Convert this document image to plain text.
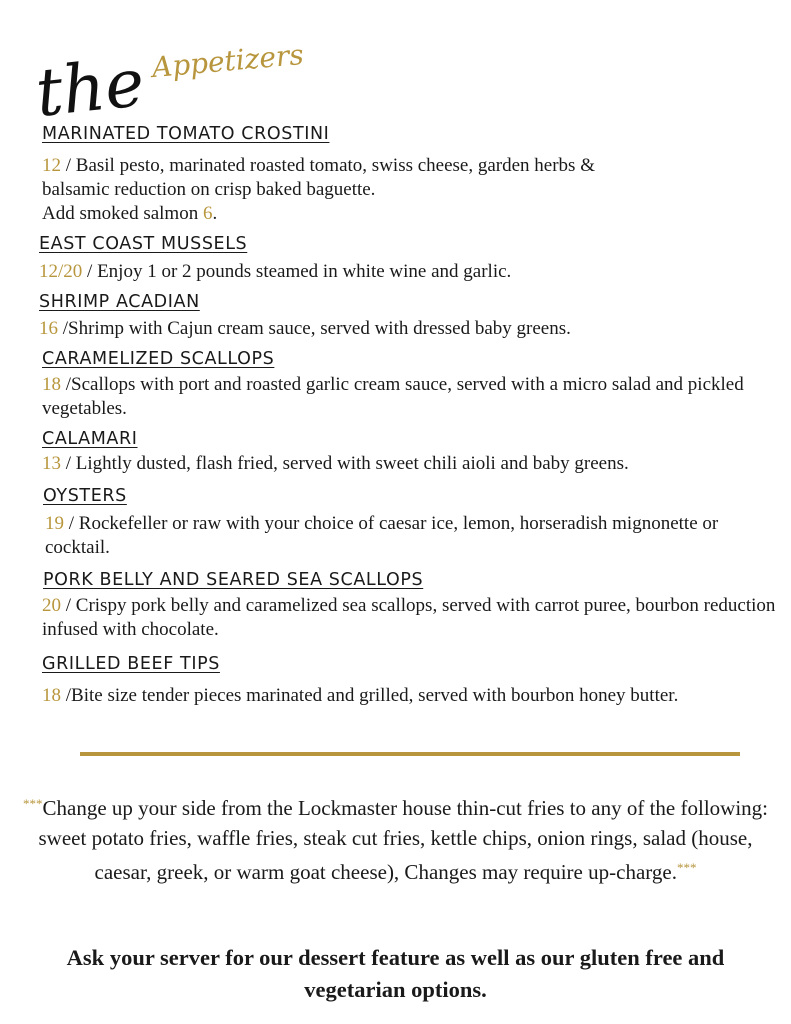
the Appetizers
MARINATED TOMATO CROSTINI

12 / Basil pesto, marinated roasted tomato, swiss cheese, garden herbs & balsamic reduction on crisp baked baguette.
Add smoked salmon 6.

EAST COAST MUSSELS

12/20 / Enjoy 1 or 2 pounds steamed in white wine and garlic.

SHRIMP ACADIAN

16 /Shrimp with Cajun cream sauce, served with dressed baby greens.

CARAMELIZED SCALLOPS

18 /Scallops with port and roasted garlic cream sauce, served with a micro salad and pickled vegetables.

CALAMARI

13 / Lightly dusted, flash fried, served with sweet chili aioli and baby greens.

OYSTERS

19 / Rockefeller or raw with your choice of caesar ice, lemon, horseradish mignonette or cocktail.

PORK BELLY AND SEARED SEA SCALLOPS

20 / Crispy pork belly and caramelized sea scallops, served with carrot puree, bourbon reduction infused with chocolate.

GRILLED BEEF TIPS

18 /Bite size tender pieces marinated and grilled, served with bourbon honey butter.

***Change up your side from the Lockmaster house thin-cut fries to any of the following: sweet potato fries, waffle fries, steak cut fries, kettle chips, onion rings, salad (house, caesar, greek, or warm goat cheese), Changes may require up-charge.***

Ask your server for our dessert feature as well as our gluten free and vegetarian options.
